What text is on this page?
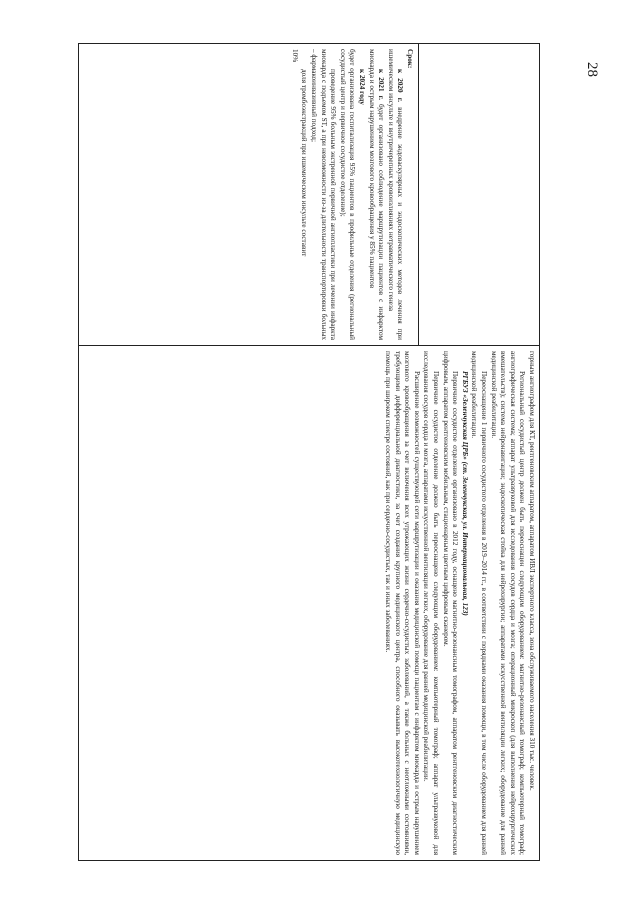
28

Срок:

к 2020 г. внедрение эндоваскулярных и эндоскопических методов лечения при ишемическом инсульте и внутричерепных кровоизлияниях нетравматического генеза

к 2021 г. будет организовано соблюдение маршрутизации пациентов с инфарктом миокарда и острым нарушением мозгового кровообращения у 85% пациентов

к 2024 году

будет организована госпитализация 95% пациентов в профильные отделения (региональный сосудистый центр и первичное сосудистое отделение);

проведение 95% больным экстренной первичной ангиопластики при лечении инфаркта миокарда с подъемом ST, а при невозможности из-за длительности транспортировки больных – фармакоинвазивный подход;

доля тромбоэкстракций при ишемическом инсульте составит

10%

горным ангиографом для КТ, рентгеновским аппаратом, аппаратом ИВЛ экспертного класса, зона обслуживаемого населения 310 тыс. человек.

Региональный сосудистый центр должен быть переоснащен следующим оборудованием: магнитно-резонансный томограф; компьютерный томограф; ангиографическая система; аппарат ультразвуковой для исследования сосудов сердца и мозга; операционный микроскоп (для выполнения нейрохирургических вмешательств); система нейронавигации; эндоскопическая стойка для нейрохирургии; аппаратами искусственной вентиляции легких; оборудование для ранней медицинской реабилитации.

Переоснащение 1 первичного сосудистого отделения в 2019–2014 гг., в соответствии с порядками оказания помощи, в том числе оборудованием для ранней медицинской реабилитации.

РГБУЗ «Зеленчукская ЦРБ» (ст. Зеленчукская, ул. Интернациональная, 123)

Первичное сосудистое отделение организовано в 2012 году, оснащено магнитно-резонансным томографом, аппаратом рентгеновским диагностическим цифровым, аппаратом рентгеновским мобильным, стационарным цветным цифровым сканером.

Первичное сосудистое отделение должно быть переоснащено следующим оборудованием: компьютерный томограф; аппарат ультразвуковой для исследования сосудов сердца и мозга, аппаратами искусственной вентиляции легких, оборудование для ранней медицинской реабилитации.

Расширение возможностей существующей сети маршрутизации и оказания медицинской помощи пациентам с инфарктом миокарда и острым нарушением мозгового кровообращения за счет включения всех угрожающих жизни сердечно-сосудистых заболеваний, а также больных с неотложными состояниями, требующими дифференциальной диагностики, за счет создания крупного медицинского центра, способного оказывать высокотехнологичную медицинскую помощь при широком спектре состояний, как при сердечно-сосудистых, так и иных заболеваниях.
